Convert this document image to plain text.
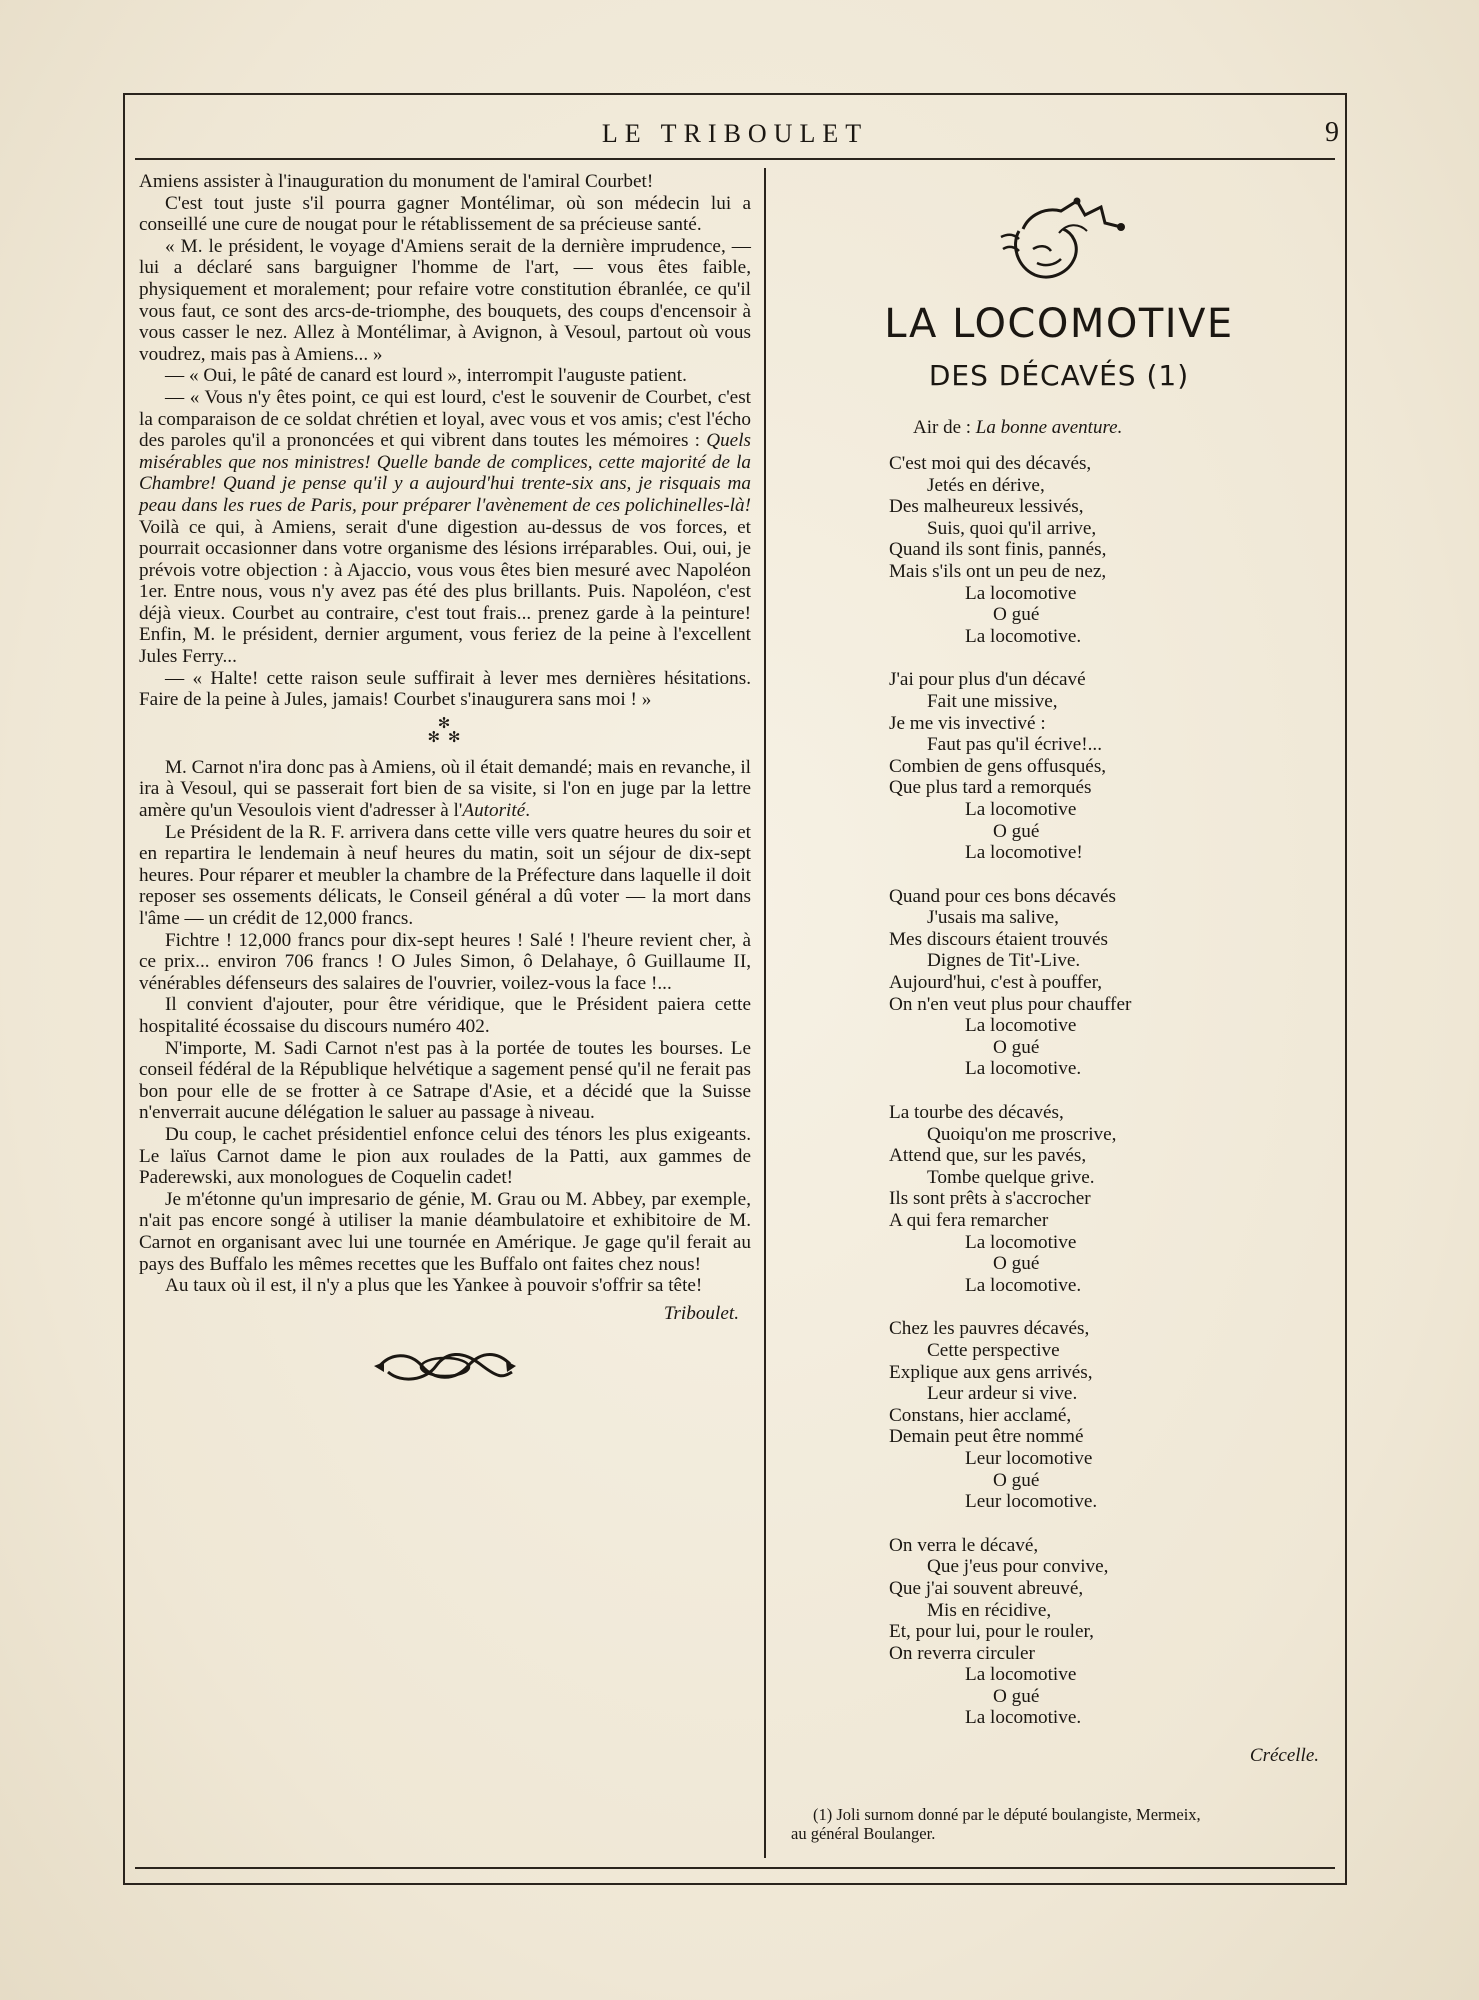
LE TRIBOULET	9

Amiens assister à l'inauguration du monument de l'amiral Courbet!

C'est tout juste s'il pourra gagner Montélimar, où son médecin lui a conseillé une cure de nougat pour le rétablissement de sa précieuse santé.

« M. le président, le voyage d'Amiens serait de la dernière imprudence, — lui a déclaré sans barguigner l'homme de l'art, — vous êtes faible, physiquement et moralement; pour refaire votre constitution ébranlée, ce qu'il vous faut, ce sont des arcs-de-triomphe, des bouquets, des coups d'encensoir à vous casser le nez. Allez à Montélimar, à Avignon, à Vesoul, partout où vous voudrez, mais pas à Amiens... »

— « Oui, le pâté de canard est lourd », interrompit l'auguste patient.

— « Vous n'y êtes point, ce qui est lourd, c'est le souvenir de Courbet, c'est la comparaison de ce soldat chrétien et loyal, avec vous et vos amis; c'est l'écho des paroles qu'il a prononcées et qui vibrent dans toutes les mémoires : Quels misérables que nos ministres! Quelle bande de complices, cette majorité de la Chambre! Quand je pense qu'il y a aujourd'hui trente-six ans, je risquais ma peau dans les rues de Paris, pour préparer l'avènement de ces polichinelles-là! Voilà ce qui, à Amiens, serait d'une digestion au-dessus de vos forces, et pourrait occasionner dans votre organisme des lésions irréparables. Oui, oui, je prévois votre objection : à Ajaccio, vous vous êtes bien mesuré avec Napoléon 1er. Entre nous, vous n'y avez pas été des plus brillants. Puis. Napoléon, c'est déjà vieux. Courbet au contraire, c'est tout frais... prenez garde à la peinture! Enfin, M. le président, dernier argument, vous feriez de la peine à l'excellent Jules Ferry...

— « Halte! cette raison seule suffirait à lever mes dernières hésitations. Faire de la peine à Jules, jamais! Courbet s'inaugurera sans moi ! »

✻
✻ ✻

M. Carnot n'ira donc pas à Amiens, où il était demandé; mais en revanche, il ira à Vesoul, qui se passerait fort bien de sa visite, si l'on en juge par la lettre amère qu'un Vesoulois vient d'adresser à l'Autorité.

Le Président de la R. F. arrivera dans cette ville vers quatre heures du soir et en repartira le lendemain à neuf heures du matin, soit un séjour de dix-sept heures. Pour réparer et meubler la chambre de la Préfecture dans laquelle il doit reposer ses ossements délicats, le Conseil général a dû voter — la mort dans l'âme — un crédit de 12,000 francs.

Fichtre ! 12,000 francs pour dix-sept heures ! Salé ! l'heure revient cher, à ce prix... environ 706 francs ! O Jules Simon, ô Delahaye, ô Guillaume II, vénérables défenseurs des salaires de l'ouvrier, voilez-vous la face !...

Il convient d'ajouter, pour être véridique, que le Président paiera cette hospitalité écossaise du discours numéro 402.

N'importe, M. Sadi Carnot n'est pas à la portée de toutes les bourses. Le conseil fédéral de la République helvétique a sagement pensé qu'il ne ferait pas bon pour elle de se frotter à ce Satrape d'Asie, et a décidé que la Suisse n'enverrait aucune délégation le saluer au passage à niveau.

Du coup, le cachet présidentiel enfonce celui des ténors les plus exigeants. Le laïus Carnot dame le pion aux roulades de la Patti, aux gammes de Paderewski, aux monologues de Coquelin cadet!

Je m'étonne qu'un impresario de génie, M. Grau ou M. Abbey, par exemple, n'ait pas encore songé à utiliser la manie déambulatoire et exhibitoire de M. Carnot en organisant avec lui une tournée en Amérique. Je gage qu'il ferait au pays des Buffalo les mêmes recettes que les Buffalo ont faites chez nous!

Au taux où il est, il n'y a plus que les Yankee à pouvoir s'offrir sa tête!

Triboulet.
LA LOCOMOTIVE
DES DÉCAVÉS (1)
Air de : La bonne aventure.
C'est moi qui des décavés,
Jetés en dérive,
Des malheureux lessivés,
Suis, quoi qu'il arrive,
Quand ils sont finis, pannés,
Mais s'ils ont un peu de nez,
La locomotive
O gué
La locomotive.
J'ai pour plus d'un décavé
Fait une missive,
Je me vis invectivé :
Faut pas qu'il écrive!...
Combien de gens offusqués,
Que plus tard a remorqués
La locomotive
O gué
La locomotive!
Quand pour ces bons décavés
J'usais ma salive,
Mes discours étaient trouvés
Dignes de Tit'-Live.
Aujourd'hui, c'est à pouffer,
On n'en veut plus pour chauffer
La locomotive
O gué
La locomotive.
La tourbe des décavés,
Quoiqu'on me proscrive,
Attend que, sur les pavés,
Tombe quelque grive.
Ils sont prêts à s'accrocher
A qui fera remarcher
La locomotive
O gué
La locomotive.
Chez les pauvres décavés,
Cette perspective
Explique aux gens arrivés,
Leur ardeur si vive.
Constans, hier acclamé,
Demain peut être nommé
Leur locomotive
O gué
Leur locomotive.
On verra le décavé,
Que j'eus pour convive,
Que j'ai souvent abreuvé,
Mis en récidive,
Et, pour lui, pour le rouler,
On reverra circuler
La locomotive
O gué
La locomotive.
Crécelle.
(1) Joli surnom donné par le député boulangiste, Mermeix,
au général Boulanger.
